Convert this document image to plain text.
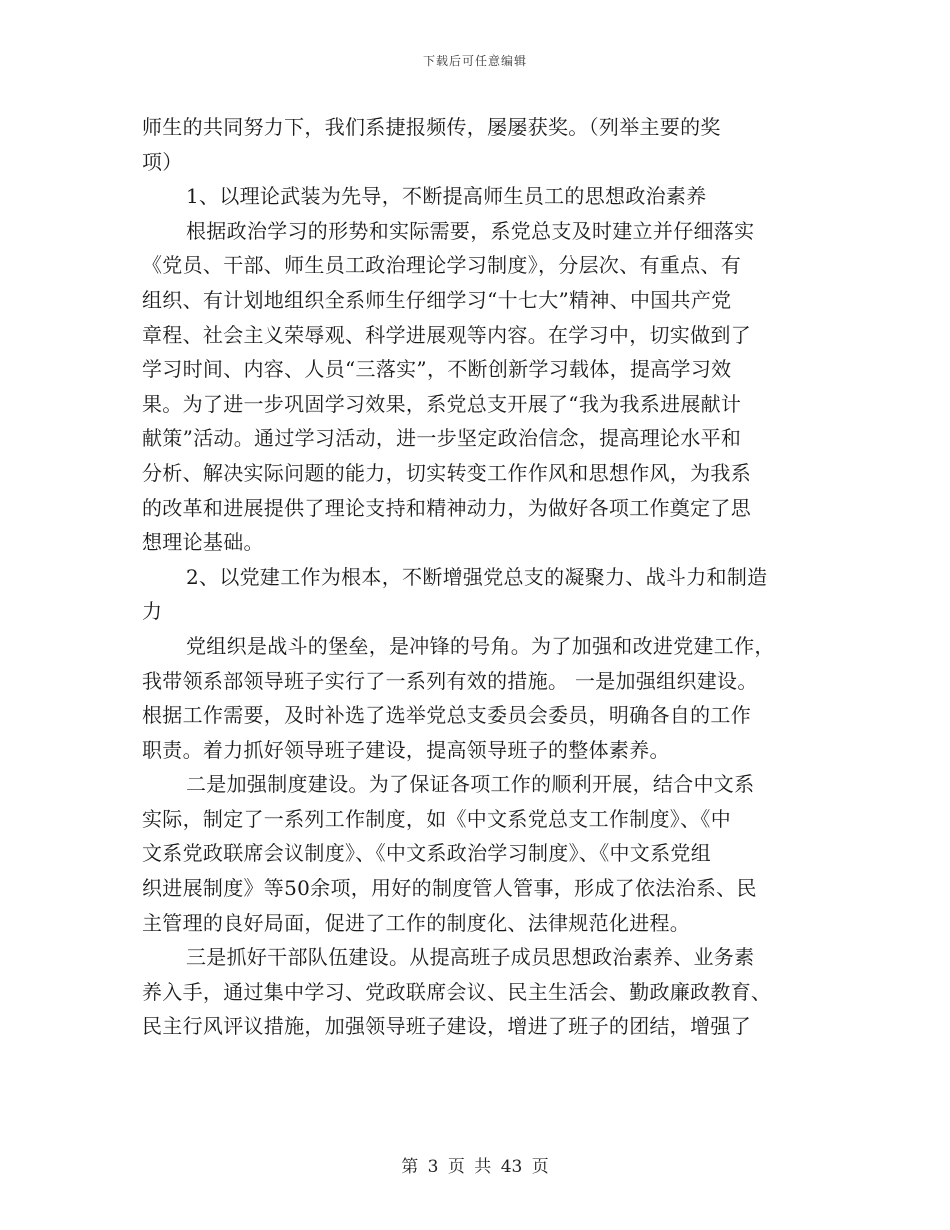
下载后可任意编辑
师生的共同努力下，我们系捷报频传，屡屡获奖。（列举主要的奖
项）
1、以理论武装为先导，不断提高师生员工的思想政治素养
根据政治学习的形势和实际需要，系党总支及时建立并仔细落实
《党员、干部、师生员工政治理论学习制度》，分层次、有重点、有
组织、有计划地组织全系师生仔细学习“十七大”精神、中国共产党
章程、社会主义荣辱观、科学进展观等内容。在学习中，切实做到了
学习时间、内容、人员“三落实”，不断创新学习载体，提高学习效
果。为了进一步巩固学习效果，系党总支开展了“我为我系进展献计
献策”活动。通过学习活动，进一步坚定政治信念，提高理论水平和
分析、解决实际问题的能力，切实转变工作作风和思想作风，为我系
的改革和进展提供了理论支持和精神动力，为做好各项工作奠定了思
想理论基础。
2、以党建工作为根本，不断增强党总支的凝聚力、战斗力和制造
力
党组织是战斗的堡垒，是冲锋的号角。为了加强和改进党建工作，
我带领系部领导班子实行了一系列有效的措施。 一是加强组织建设。
根据工作需要，及时补选了选举党总支委员会委员，明确各自的工作
职责。着力抓好领导班子建设，提高领导班子的整体素养。
二是加强制度建设。为了保证各项工作的顺利开展，结合中文系
实际，制定了一系列工作制度，如《中文系党总支工作制度》、《中
文系党政联席会议制度》、《中文系政治学习制度》、《中文系党组
织进展制度》等50余项，用好的制度管人管事，形成了依法治系、民
主管理的良好局面，促进了工作的制度化、法律规范化进程。
三是抓好干部队伍建设。从提高班子成员思想政治素养、业务素
养入手，通过集中学习、党政联席会议、民主生活会、勤政廉政教育、
民主行风评议措施，加强领导班子建设，增进了班子的团结，增强了
第 3 页 共 43 页
